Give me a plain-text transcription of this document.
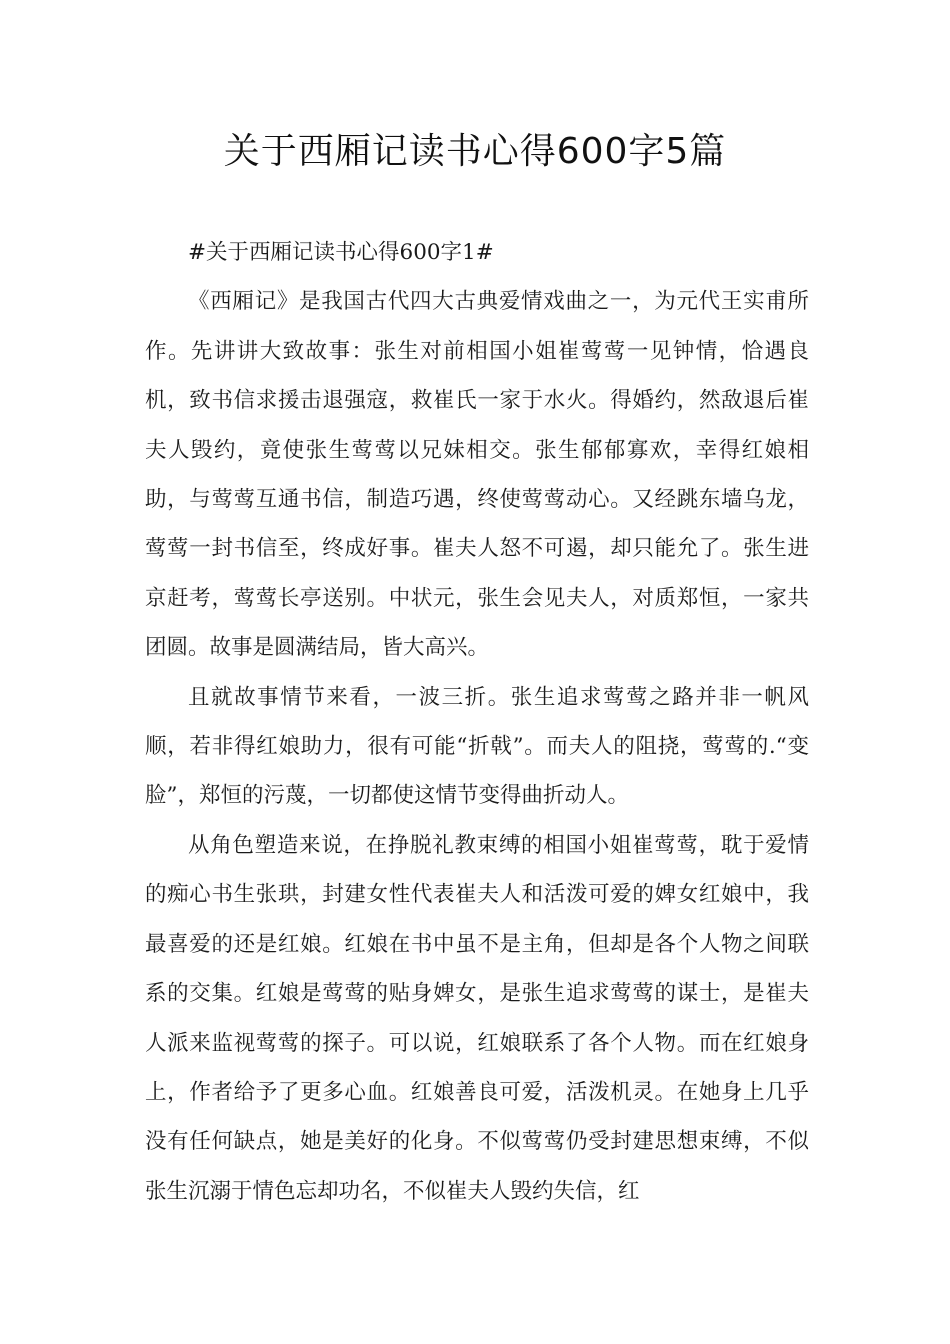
关于西厢记读书心得600字5篇

#关于西厢记读书心得600字1#

《西厢记》是我国古代四大古典爱情戏曲之一，为元代王实甫所作。先讲讲大致故事：张生对前相国小姐崔莺莺一见钟情，恰遇良机，致书信求援击退强寇，救崔氏一家于水火。得婚约，然敌退后崔夫人毁约，竟使张生莺莺以兄妹相交。张生郁郁寡欢，幸得红娘相助，与莺莺互通书信，制造巧遇，终使莺莺动心。又经跳东墙乌龙，莺莺一封书信至，终成好事。崔夫人怒不可遏，却只能允了。张生进京赶考，莺莺长亭送别。中状元，张生会见夫人，对质郑恒，一家共团圆。故事是圆满结局，皆大高兴。

且就故事情节来看，一波三折。张生追求莺莺之路并非一帆风顺，若非得红娘助力，很有可能“折戟”。而夫人的阻挠，莺莺的.“变脸”，郑恒的污蔑，一切都使这情节变得曲折动人。

从角色塑造来说，在挣脱礼教束缚的相国小姐崔莺莺，耽于爱情的痴心书生张珙，封建女性代表崔夫人和活泼可爱的婢女红娘中，我最喜爱的还是红娘。红娘在书中虽不是主角，但却是各个人物之间联系的交集。红娘是莺莺的贴身婢女，是张生追求莺莺的谋士，是崔夫人派来监视莺莺的探子。可以说，红娘联系了各个人物。而在红娘身上，作者给予了更多心血。红娘善良可爱，活泼机灵。在她身上几乎没有任何缺点，她是美好的化身。不似莺莺仍受封建思想束缚，不似张生沉溺于情色忘却功名，不似崔夫人毁约失信，红
